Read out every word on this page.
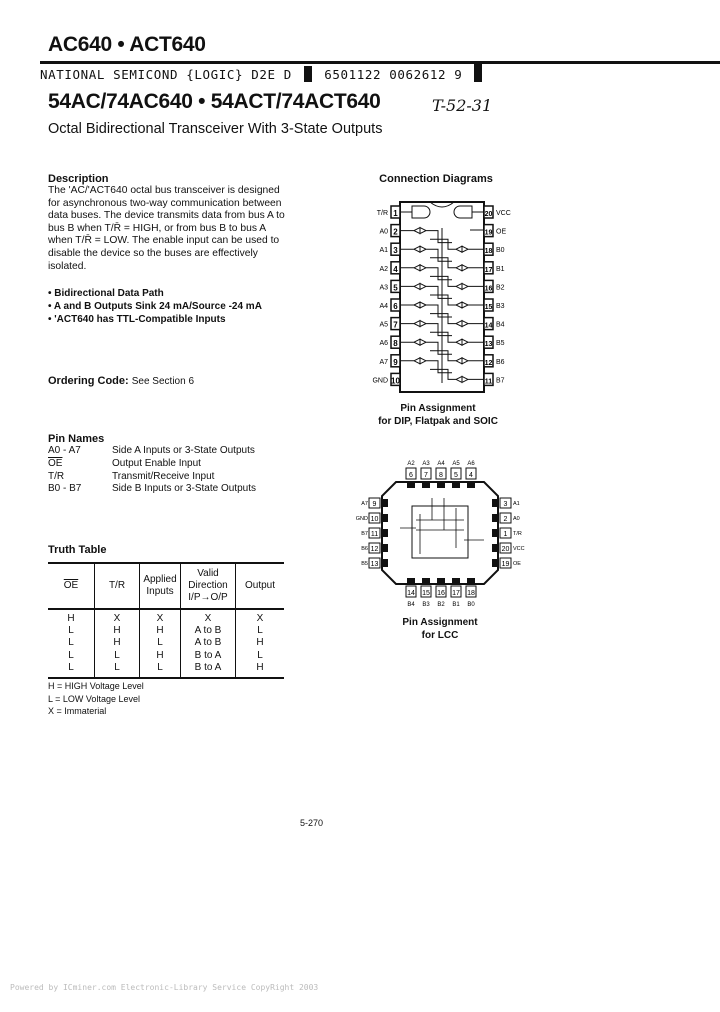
AC640 • ACT640
NATIONAL SEMICOND {LOGIC} D2E D	6501122 0062612 9
54AC/74AC640 • 54ACT/74ACT640	T-52-31
Octal Bidirectional Transceiver With 3-State Outputs
Description
The 'AC/'ACT640 octal bus transceiver is designed for asynchronous two-way communication between data buses. The device transmits data from bus A to bus B when T/R̄ = HIGH, or from bus B to bus A when T/R̄ = LOW. The enable input can be used to disable the device so the buses are effectively isolated.
• Bidirectional Data Path
• A and B Outputs Sink 24 mA/Source -24 mA
• 'ACT640 has TTL-Compatible Inputs
Ordering Code: See Section 6
Pin Names
A0 - A7	Side A Inputs or 3-State Outputs
$\overline{OE}$	Output Enable Input
T/R	Transmit/Receive Input
B0 - B7	Side B Inputs or 3-State Outputs
Truth Table
$\overline{OE}$	T/R	Applied Inputs	Valid Direction I/P→O/P	Output
H	X	X	X	X
L	H	H	A to B	L
L	H	L	A to B	H
L	L	H	B to A	L
L	L	L	B to A	H
H = HIGH Voltage Level
L = LOW Voltage Level
X = Immaterial
Connection Diagrams
1
T/R	20 VCC
2
A0	19 OE
3
A1	18 B0
4
A2	17 B1
5
A3	16 B2
6
A4	15 B3
7
A5	14 B4
8
A6	13 B5
9
A7	12 B6
10
GND	11 B7
Pin Assignment
for DIP, Flatpak and SOIC
6
A2
14
B4
9
A7	3 A1
7
A3
15
B3
10
GND	2 A0
8
A4
16
B2
11
B7	1 T/R
5
A5
17
B1
12
B6	20 VCC
4
A6
18
B0
13
B5	19 OE
Pin Assignment
for LCC
5-270
Powered by ICminer.com Electronic-Library Service CopyRight 2003
